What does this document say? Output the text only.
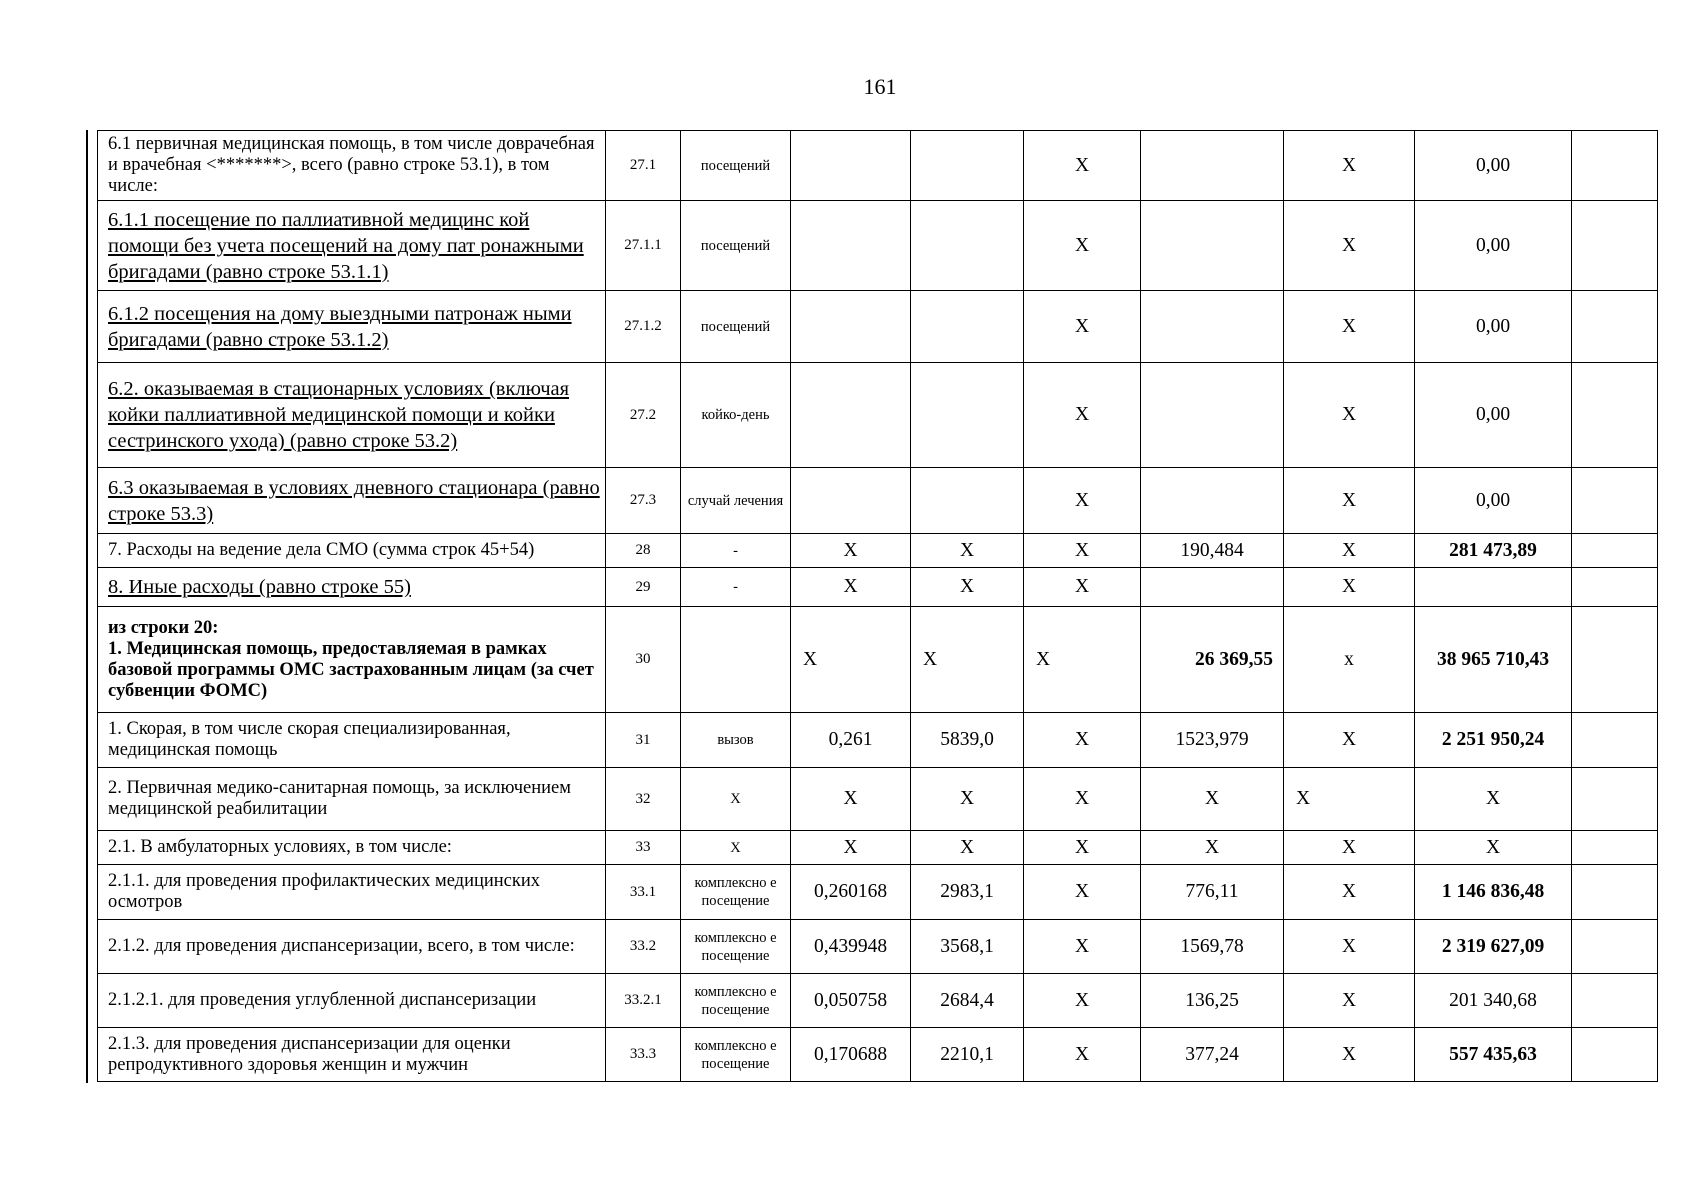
161
6.1 первичная медицинская помощь, в том числе доврачебная и врачебная <*******>, всего (равно строке 53.1), в том числе:	27.1	посещений			X		X	0,00	
6.1.1 посещение по паллиативной медицинс кой помощи без учета посещений на дому пат ронажными бригадами (равно строке 53.1.1)	27.1.1	посещений			X		X	0,00	
6.1.2 посещения на дому выездными патронаж ными бригадами (равно строке 53.1.2)	27.1.2	посещений			X		X	0,00	
6.2. оказываемая в стационарных условиях (включая койки паллиативной медицинской помощи и койки сестринского ухода) (равно строке 53.2)	27.2	койко-день			X		X	0,00	
6.3 оказываемая в условиях дневного стационара (равно строке 53.3)	27.3	случай лечения			X		X	0,00	
7. Расходы на ведение дела СМО (сумма строк 45+54)	28	-	X	X	X	190,484	X	281 473,89	
8. Иные расходы (равно строке 55)	29	-	X	X	X		X		

из строки 20:
1. Медицинская помощь, предоставляемая в рамках базовой программы ОМС застрахованным лицам (за счет субвенции ФОМС)	30		X	X	X	26 369,55	x	38 965 710,43	
1. Скорая, в том числе скорая специализированная, медицинская помощь	31	вызов	0,261	5839,0	X	1523,979	X	2 251 950,24	
2. Первичная медико-санитарная помощь, за исключением медицинской реабилитации	32	X	X	X	X	X	X	X	
2.1. В амбулаторных условиях, в том числе:	33	X	X	X	X	X	X	X	
2.1.1. для проведения профилактических медицинских осмотров	33.1	комплексно е посещение	0,260168	2983,1	X	776,11	X	1 146 836,48	
2.1.2. для проведения диспансеризации, всего, в том числе:	33.2	комплексно е посещение	0,439948	3568,1	X	1569,78	X	2 319 627,09	
2.1.2.1. для проведения углубленной диспансеризации	33.2.1	комплексно е посещение	0,050758	2684,4	X	136,25	X	201 340,68	
2.1.3. для проведения диспансеризации для оценки репродуктивного здоровья женщин и мужчин	33.3	комплексно е посещение	0,170688	2210,1	X	377,24	X	557 435,63	
